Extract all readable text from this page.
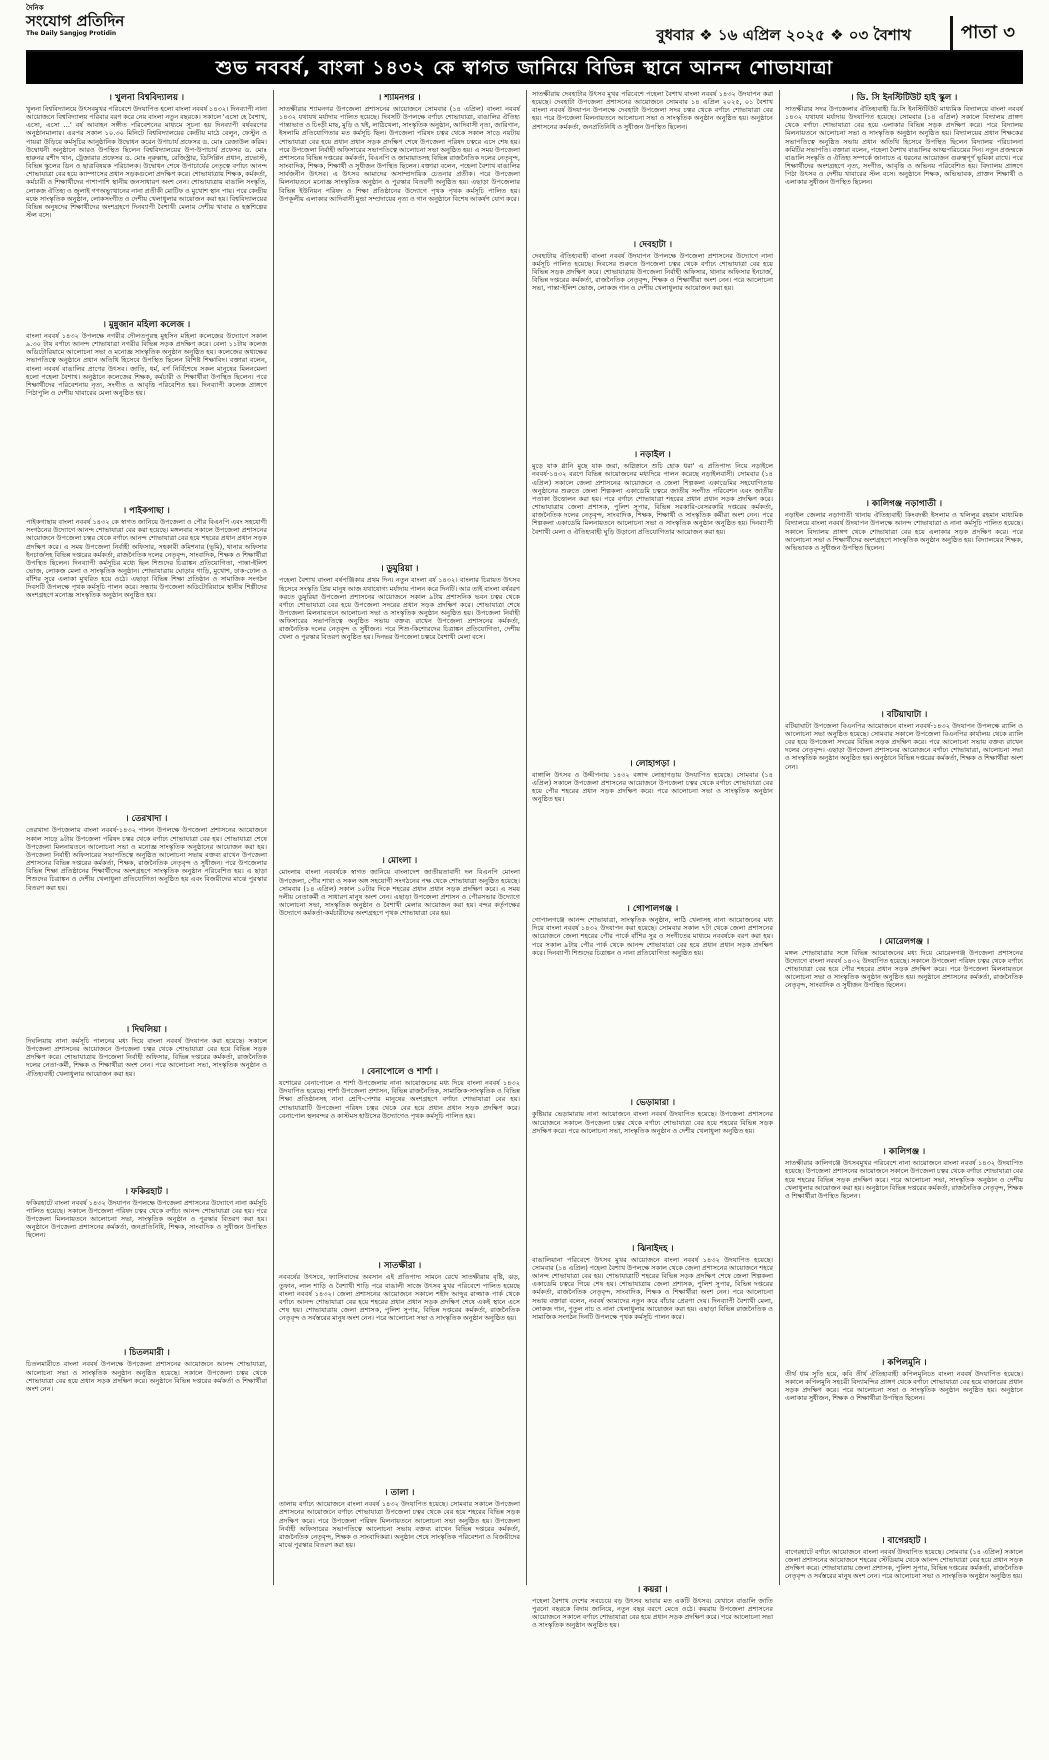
দৈনিক
সংযোগ প্রতিদিন
The Daily Sangjog Protidin	বুধবার ❖ ১৬ এপ্রিল ২০২৫ ❖ ০৩ বৈশাখ	পাতা ৩
শুভ নববর্ষ, বাংলা ১৪৩২ কে স্বাগত জানিয়ে বিভিন্ন স্থানে আনন্দ শোভাযাত্রা
। খুলনা বিশ্ববিদ্যালয় ।

খুলনা বিশ্ববিদ্যালয়ে উৎসবমুখর পরিবেশে উদযাপিত হলো বাংলা নববর্ষ ১৪৩২। দিনব্যাপী নানা আয়োজনে বিশ্ববিদ্যালয় পরিবার বরণ করে নেয় বাংলা নতুন বছরকে। সকালে 'এসো হে বৈশাখ, এসো, এসো ...' বর্ষ আবাহন সঙ্গীত পরিবেশনের মাধ্যমে সূচনা হয় দিনব্যাপী বর্ষবরণের অনুষ্ঠানমালার। এরপর সকাল ১০.৩০ মিনিটে বিশ্ববিদ্যালয়ের কেন্দ্রীয় মাঠে বেলুন, ফেস্টুন ও পায়রা উড়িয়ে কর্মসূচির আনুষ্ঠানিক উদ্বোধন করেন উপাচার্য প্রফেসর ড. মোঃ রেজাউল করিম। উদ্বোধনী অনুষ্ঠানে আরও উপস্থিত ছিলেন বিশ্ববিদ্যালয়ের উপ-উপাচার্য প্রফেসর ড. মোঃ হারুনর রশীদ খান, ট্রেজারার প্রফেসর ড. মোঃ নূরুল্লাহ, রেজিস্ট্রার, ডিসিপ্লিন প্রধান, প্রভোস্ট, বিভিন্ন স্কুলের ডিন ও ছাত্রবিষয়ক পরিচালক। উদ্বোধন শেষে উপাচার্যের নেতৃত্বে বর্ণাঢ্য আনন্দ শোভাযাত্রা বের হয়ে ক্যাম্পাসের প্রধান সড়কগুলো প্রদক্ষিণ করে। শোভাযাত্রায় শিক্ষক, কর্মকর্তা, কর্মচারী ও শিক্ষার্থীদের পাশাপাশি স্থানীয় জনসাধারণ অংশ নেন। শোভাযাত্রায় বাঙালি সংস্কৃতি, লোকজ ঐতিহ্য ও জুলাই গণঅভ্যুত্থানের নানা প্রতীকী মোটিফ ও মুখোশ স্থান পায়। পরে কেন্দ্রীয় মঞ্চে সাংস্কৃতিক অনুষ্ঠান, লোকসংগীত ও দেশীয় খেলাধুলার আয়োজন করা হয়। বিশ্ববিদ্যালয়ের বিভিন্ন অনুষদের শিক্ষার্থীদের অংশগ্রহণে দিনব্যাপী বৈশাখী মেলায় দেশীয় খাবার ও হস্তশিল্পের স্টল বসে।

। মুন্নুজান মহিলা কলেজ ।

বাংলা নববর্ষ ১৪৩২ উপলক্ষে নগরীর দৌলতপুরস্থ মুহসিন মহিলা কলেজের উদ্যোগে সকাল ৯.৩০ টায় বর্ণাঢ্য আনন্দ শোভাযাত্রা নগরীর বিভিন্ন সড়ক প্রদক্ষিণ করে। বেলা ১১টায় কলেজ অডিটোরিয়ামে আলোচনা সভা ও মনোজ্ঞ সাংস্কৃতিক অনুষ্ঠান অনুষ্ঠিত হয়। কলেজের অধ্যক্ষের সভাপতিত্বে অনুষ্ঠানে প্রধান অতিথি হিসেবে উপস্থিত ছিলেন বিশিষ্ট শিক্ষাবিদ। বক্তারা বলেন, বাংলা নববর্ষ বাঙালির প্রাণের উৎসব। জাতি, ধর্ম, বর্ণ নির্বিশেষে সকল মানুষের মিলনমেলা হলো পহেলা বৈশাখ। অনুষ্ঠানে কলেজের শিক্ষক, কর্মচারী ও শিক্ষার্থীরা উপস্থিত ছিলেন। পরে শিক্ষার্থীদের পরিবেশনায় নৃত্য, সংগীত ও আবৃত্তি পরিবেশিত হয়। দিনব্যাপী কলেজ প্রাঙ্গণে পিঠাপুলি ও দেশীয় খাবারের মেলা অনুষ্ঠিত হয়।

। পাইকগাছা ।

পাইকগাছায় বাংলা নববর্ষ ১৪৩২ কে স্বাগত জানিয়ে উপজেলা ও পৌর বিএনপি এবং সহযোগী সংগঠনের উদ্যোগে আনন্দ শোভাযাত্রা বের করা হয়েছে। মঙ্গলবার সকালে উপজেলা প্রশাসনের আয়োজনে উপজেলা চত্বর থেকে বর্ণাঢ্য আনন্দ শোভাযাত্রা বের হয়ে শহরের প্রধান প্রধান সড়ক প্রদক্ষিণ করে। এ সময় উপজেলা নির্বাহী অফিসার, সহকারী কমিশনার (ভূমি), থানার অফিসার ইনচার্জসহ বিভিন্ন দপ্তরের কর্মকর্তা, রাজনৈতিক দলের নেতৃবৃন্দ, সাংবাদিক, শিক্ষক ও শিক্ষার্থীরা উপস্থিত ছিলেন। দিনব্যাপী কর্মসূচির মধ্যে ছিল শিশুদের চিত্রাঙ্কন প্রতিযোগিতা, পান্তা-ইলিশ ভোজ, লোকজ মেলা ও সাংস্কৃতিক অনুষ্ঠান। শোভাযাত্রায় ঘোড়ার গাড়ি, মুখোশ, ঢাক-ঢোল ও বাঁশির সুরে এলাকা মুখরিত হয়ে ওঠে। এছাড়া বিভিন্ন শিক্ষা প্রতিষ্ঠান ও সামাজিক সংগঠন দিবসটি উপলক্ষে পৃথক কর্মসূচি পালন করে। সন্ধ্যায় উপজেলা অডিটোরিয়ামে স্থানীয় শিল্পীদের অংশগ্রহণে মনোজ্ঞ সাংস্কৃতিক অনুষ্ঠান অনুষ্ঠিত হয়।

। তেরখাদা ।

তেরখাদা উপজেলায় বাংলা নববর্ষ-১৪৩২ পালন উপলক্ষে উপজেলা প্রশাসনের আয়োজনে সকাল সাড়ে ৯টায় উপজেলা পরিষদ চত্বর থেকে বর্ণাঢ্য শোভাযাত্রা বের হয়। শোভাযাত্রা শেষে উপজেলা মিলনায়তনে আলোচনা সভা ও মনোজ্ঞ সাংস্কৃতিক অনুষ্ঠানের আয়োজন করা হয়। উপজেলা নির্বাহী অফিসারের সভাপতিত্বে অনুষ্ঠিত আলোচনা সভায় বক্তব্য রাখেন উপজেলা প্রশাসনের বিভিন্ন দপ্তরের কর্মকর্তা, শিক্ষক, রাজনৈতিক নেতৃবৃন্দ ও সুধীজন। পরে উপজেলার বিভিন্ন শিক্ষা প্রতিষ্ঠানের শিক্ষার্থীদের অংশগ্রহণে সাংস্কৃতিক অনুষ্ঠান পরিবেশিত হয়। এ ছাড়া শিশুদের চিত্রাঙ্কন ও দেশীয় খেলাধুলা প্রতিযোগিতা অনুষ্ঠিত হয় এবং বিজয়ীদের মাঝে পুরস্কার বিতরণ করা হয়।

। দিঘলিয়া ।

দিঘলিয়ায় নানা কর্মসূচি পালনের মধ্য দিয়ে বাংলা নববর্ষ উদযাপন করা হয়েছে। সকালে উপজেলা প্রশাসনের আয়োজনে উপজেলা চত্বর থেকে শোভাযাত্রা বের হয়ে বিভিন্ন সড়ক প্রদক্ষিণ করে। শোভাযাত্রায় উপজেলা নির্বাহী অফিসার, বিভিন্ন দপ্তরের কর্মকর্তা, রাজনৈতিক দলের নেতা-কর্মী, শিক্ষক ও শিক্ষার্থীরা অংশ নেন। পরে আলোচনা সভা, সাংস্কৃতিক অনুষ্ঠান ও ঐতিহ্যবাহী খেলাধুলার আয়োজন করা হয়।

। ফকিরহাট ।

ফকিরহাটে বাংলা নববর্ষ ১৪৩২ উদযাপন উপলক্ষে উপজেলা প্রশাসনের উদ্যোগে নানা কর্মসূচি পালিত হয়েছে। সকালে উপজেলা পরিষদ চত্বর থেকে বর্ণাঢ্য আনন্দ শোভাযাত্রা বের হয়। পরে উপজেলা মিলনায়তনে আলোচনা সভা, সাংস্কৃতিক অনুষ্ঠান ও পুরস্কার বিতরণ করা হয়। অনুষ্ঠানে উপজেলা প্রশাসনের কর্মকর্তা, জনপ্রতিনিধি, শিক্ষক, সাংবাদিক ও সুধীজন উপস্থিত ছিলেন।

। চিতলমারী ।

চিতলমারীতে বাংলা নববর্ষ উপলক্ষে উপজেলা প্রশাসনের আয়োজনে আনন্দ শোভাযাত্রা, আলোচনা সভা ও সাংস্কৃতিক অনুষ্ঠান অনুষ্ঠিত হয়েছে। সকালে উপজেলা চত্বর থেকে শোভাযাত্রা বের হয়ে প্রধান সড়ক প্রদক্ষিণ করে। অনুষ্ঠানে বিভিন্ন দপ্তরের কর্মকর্তা ও শিক্ষার্থীরা অংশ নেন।

। শ্যামনগর ।

সাতক্ষীরার শ্যামনগর উপজেলা প্রশাসনের আয়োজনে সোমবার (১৪ এপ্রিল) বাংলা নববর্ষ ১৪৩২ যথাযথ মর্যাদায় পালিত হয়েছে। দিবসটি উপলক্ষে বর্ণাঢ্য শোভাযাত্রা, বাঙালির ঐতিহ্য পান্তাভাত ও চিংড়ী মাছ, মুড়ি ও খই, লাঠিখেলা, সাংস্কৃতিক অনুষ্ঠান, আদিবাসী নৃত্য, জারিগান, ইসলামি প্রতিযোগিতার মত কর্মসূচি ছিল। উপজেলা পরিষদ চত্বর থেকে সকাল সাড়ে নয়টায় শোভাযাত্রা বের হয়ে প্রধান প্রধান সড়ক প্রদক্ষিণ শেষে উপজেলা পরিষদ চত্বরে এসে শেষ হয়। পরে উপজেলা নির্বাহী অফিসারের সভাপতিত্বে আলোচনা সভা অনুষ্ঠিত হয়। এ সময় উপজেলা প্রশাসনের বিভিন্ন দপ্তরের কর্মকর্তা, বিএনপি ও জামায়াতসহ বিভিন্ন রাজনৈতিক দলের নেতৃবৃন্দ, সাংবাদিক, শিক্ষক, শিক্ষার্থী ও সুধীজন উপস্থিত ছিলেন। বক্তারা বলেন, পহেলা বৈশাখ বাঙালির সার্বজনীন উৎসব। এ উৎসব আমাদের অসাম্প্রদায়িক চেতনার প্রতীক। পরে উপজেলা মিলনায়তনে মনোজ্ঞ সাংস্কৃতিক অনুষ্ঠান ও পুরস্কার বিতরণী অনুষ্ঠিত হয়। এছাড়া উপজেলার বিভিন্ন ইউনিয়ন পরিষদ ও শিক্ষা প্রতিষ্ঠানের উদ্যোগে পৃথক পৃথক কর্মসূচি পালিত হয়। উপকূলীয় এলাকার আদিবাসী মুন্ডা সম্প্রদায়ের নৃত্য ও গান অনুষ্ঠানে বিশেষ আকর্ষণ যোগ করে।

। ডুমুরিয়া ।

পহেলা বৈশাখ বাংলা বর্ষপঞ্জিকার প্রথম দিন। নতুন বাংলা বর্ষ ১৪৩২। বাংলার চিরায়ত উৎসব হিসেবে সংস্কৃতি প্রিয় মানুষ আজ যথাযোগ্য মর্যাদায় পালন করে দিনটি। আর তাই বাংলা বর্ষবরণ করতে ডুমুরিয়া উপজেলা প্রশাসনের আয়োজনে সকাল ৯টায় প্রশাসনিক ভবন চত্বর থেকে বর্ণাঢ্য শোভাযাত্রা বের হয়ে উপজেলা সদরের প্রধান সড়ক প্রদক্ষিণ করে। শোভাযাত্রা শেষে উপজেলা মিলনায়তনে আলোচনা সভা ও সাংস্কৃতিক অনুষ্ঠান অনুষ্ঠিত হয়। উপজেলা নির্বাহী অফিসারের সভাপতিত্বে অনুষ্ঠিত সভায় বক্তব্য রাখেন উপজেলা প্রশাসনের কর্মকর্তা, রাজনৈতিক দলের নেতৃবৃন্দ ও সুধীজন। পরে শিশু-কিশোরদের চিত্রাঙ্কন প্রতিযোগিতা, দেশীয় খেলা ও পুরস্কার বিতরণ অনুষ্ঠিত হয়। দিনভর উপজেলা চত্বরে বৈশাখী মেলা বসে।

। মোংলা ।

মোংলায় বাংলা নববর্ষকে স্বাগত জানিয়ে বাংলাদেশ জাতীয়তাবাদী দল বিএনপি মোংলা উপজেলা, পৌর শাখা ও সকল অঙ্গ সহযোগী সংগঠনের পক্ষ থেকে শোভাযাত্রা অনুষ্ঠিত হয়েছে। সোমবার (১৪ এপ্রিল) সকাল ১০টার দিকে শহরের প্রধান প্রধান সড়ক প্রদক্ষিণ করে। এ সময় দলীয় নেতাকর্মী ও সাধারণ মানুষ অংশ নেন। এছাড়া উপজেলা প্রশাসন ও পৌরসভার উদ্যোগে আলোচনা সভা, সাংস্কৃতিক অনুষ্ঠান ও বৈশাখী মেলার আয়োজন করা হয়। বন্দর কর্তৃপক্ষের উদ্যোগে কর্মকর্তা-কর্মচারীদের অংশগ্রহণে পৃথক শোভাযাত্রা বের হয়।

। বেনাপোলে ও শার্শা ।

যশোরের বেনাপোলে ও শার্শা উপজেলায় নানা আয়োজনের মধ্য দিয়ে বাংলা নববর্ষ ১৪৩২ উদযাপিত হয়েছে। শার্শা উপজেলা প্রশাসন, বিভিন্ন রাজনৈতিক, সামাজিক-সাংস্কৃতিক ও বিভিন্ন শিক্ষা প্রতিষ্ঠানসহ নানা শ্রেণি-পেশার মানুষের অংশগ্রহণে বর্ণাঢ্য শোভাযাত্রা বের হয়। শোভাযাত্রাটি উপজেলা পরিষদ চত্বর থেকে বের হয়ে প্রধান প্রধান সড়ক প্রদক্ষিণ করে। বেনাপোল স্থলবন্দর ও কাস্টমস হাউসের উদ্যোগেও পৃথক কর্মসূচি পালিত হয়।

। সাতক্ষীরা ।

নববর্ষের উৎসবে, ফ্যাসিবাদের অবসান এই প্রতিপাদ্য সামনে রেখে সাতক্ষীরায় বৃষ্টি, ঝড়, তুফান, লাল শাড়ি ও বৈশাখী শাড়ি পরে বাঙালী সাজে উৎসব মুখর পরিবেশে পালিত হয়েছে বাংলা নববর্ষ ১৪৩২। জেলা প্রশাসনের আয়োজনে সকালে শহীদ আব্দুর রাজ্জাক পার্ক থেকে বর্ণাঢ্য আনন্দ শোভাযাত্রা বের হয়ে শহরের প্রধান প্রধান সড়ক প্রদক্ষিণ শেষে একই স্থানে এসে শেষ হয়। শোভাযাত্রায় জেলা প্রশাসক, পুলিশ সুপার, বিভিন্ন দপ্তরের কর্মকর্তা, রাজনৈতিক নেতৃবৃন্দ ও সর্বস্তরের মানুষ অংশ নেন। পরে আলোচনা সভা ও সাংস্কৃতিক অনুষ্ঠান অনুষ্ঠিত হয়।

। তালা ।

তালায় বর্ণাঢ্য আয়োজনে বাংলা নববর্ষ ১৪৩২ উদযাপিত হয়েছে। সোমবার সকালে উপজেলা প্রশাসনের আয়োজনে বর্ণাঢ্য শোভাযাত্রা উপজেলা চত্বর থেকে বের হয়ে শহরের বিভিন্ন সড়ক প্রদক্ষিণ করে। পরে উপজেলা পরিষদ মিলনায়তনে আলোচনা সভা অনুষ্ঠিত হয়। উপজেলা নির্বাহী অফিসারের সভাপতিত্বে আলোচনা সভায় বক্তব্য রাখেন বিভিন্ন দপ্তরের কর্মকর্তা, রাজনৈতিক নেতৃবৃন্দ, শিক্ষক ও সাংবাদিকরা। অনুষ্ঠান শেষে সাংস্কৃতিক পরিবেশনা ও বিজয়ীদের মাঝে পুরস্কার বিতরণ করা হয়।

সাতক্ষীরায় দেবহাটার উৎসব মুখর পরিবেশে পহেলা বৈশাখ বাংলা নববর্ষ ১৪৩২ উদযাপন করা হয়েছে। দেবহাটা উপজেলা প্রশাসনের আয়োজনে সোমবার ১৪ এপ্রিল ২০২৫, ০১ বৈশাখ বাংলা নববর্ষ উদযাপন উপলক্ষে দেবহাটা উপজেলা সদর চত্বর থেকে বর্ণাঢ্য শোভাযাত্রা বের হয়। পরে উপজেলা মিলনায়তনে আলোচনা সভা ও সাংস্কৃতিক অনুষ্ঠান অনুষ্ঠিত হয়। অনুষ্ঠানে প্রশাসনের কর্মকর্তা, জনপ্রতিনিধি ও সুধীজন উপস্থিত ছিলেন।

। দেবহাটা ।

দেবহাটায় ঐতিহ্যবাহী বাংলা নববর্ষ উদযাপন উপলক্ষে উপজেলা প্রশাসনের উদ্যোগে নানা কর্মসূচি পালিত হয়েছে। দিবসের শুরুতে উপজেলা চত্বর থেকে বর্ণাঢ্য শোভাযাত্রা বের হয়ে বিভিন্ন সড়ক প্রদক্ষিণ করে। শোভাযাত্রায় উপজেলা নির্বাহী অফিসার, থানার অফিসার ইনচার্জ, বিভিন্ন দপ্তরের কর্মকর্তা, রাজনৈতিক নেতৃবৃন্দ, শিক্ষক ও শিক্ষার্থীরা অংশ নেন। পরে আলোচনা সভা, পান্তা-ইলিশ ভোজ, লোকজ গান ও দেশীয় খেলাধুলার আয়োজন করা হয়।

। নড়াইল ।

মুড়ে যাক গ্লানি মুছে যাক জরা, অগ্নিস্নানে শুচি হোক ধরা' এ প্রতিপাদ্য নিয়ে নড়াইলে নববর্ষ-১৪৩২ বরণে বিভিন্ন আয়োজনের মধ্যদিয়ে পালন করেছে নড়াইলবাসী। সোমবার (১৪ এপ্রিল) সকালে জেলা প্রশাসনের আয়োজনে ও জেলা শিল্পকলা একাডেমির সহযোগিতায় অনুষ্ঠানের শুরুতে জেলা শিল্পকলা একাডেমি চত্বরে জাতীয় সংগীত পরিবেশন এবং জাতীয় পতাকা উত্তোলন করা হয়। পরে বর্ণাঢ্য শোভাযাত্রা শহরের প্রধান প্রধান সড়ক প্রদক্ষিণ করে। শোভাযাত্রায় জেলা প্রশাসক, পুলিশ সুপার, বিভিন্ন সরকারি-বেসরকারি দপ্তরের কর্মকর্তা, রাজনৈতিক দলের নেতৃবৃন্দ, সাংবাদিক, শিক্ষক, শিক্ষার্থী ও সাংস্কৃতিক কর্মীরা অংশ নেন। পরে শিল্পকলা একাডেমি মিলনায়তনে আলোচনা সভা ও সাংস্কৃতিক অনুষ্ঠান অনুষ্ঠিত হয়। দিনব্যাপী বৈশাখী মেলা ও ঐতিহ্যবাহী ঘুড়ি উড়ানো প্রতিযোগিতার আয়োজন করা হয়।

। লোহাগড়া ।

বাঙ্গালি উৎসব ও উদ্দীপনায় ১৪৩২ বঙ্গাব্দ লোহাগড়ায় উদযাপিত হয়েছে। সোমবার (১৪ এপ্রিল) সকালে উপজেলা প্রশাসনের আয়োজনে উপজেলা চত্বর থেকে বর্ণাঢ্য শোভাযাত্রা বের হয়ে পৌর শহরের প্রধান সড়ক প্রদক্ষিণ করে। পরে আলোচনা সভা ও সাংস্কৃতিক অনুষ্ঠান অনুষ্ঠিত হয়।

। গোপালগঞ্জ ।

গোপালগঞ্জে আনন্দ শোভাযাত্রা, সাংস্কৃতিক অনুষ্ঠান, লাঠি খেলাসহ নানা আয়োজনের মধ্য দিয়ে বাংলা নববর্ষ ১৪৩২ উদযাপন করা হয়েছে। সোমবার সকাল ৭টা থেকে জেলা প্রশাসনের আয়োজনে জেলা শহরের পৌর পার্কে বাঁশির সুর ও সংগীতের মাধ্যমে নববর্ষকে বরণ করা হয়। পরে সকাল ৯টায় পৌর পার্ক থেকে আনন্দ শোভাযাত্রা বের হয়ে প্রধান প্রধান সড়ক প্রদক্ষিণ করে। দিনব্যাপী শিশুদের চিত্রাঙ্কন ও নানা প্রতিযোগিতা অনুষ্ঠিত হয়।

। ভেড়ামারা ।

কুষ্টিয়ার ভেড়ামারায় নানা আয়োজনে বাংলা নববর্ষ উদযাপিত হয়েছে। উপজেলা প্রশাসনের আয়োজনে সকালে উপজেলা চত্বর থেকে বর্ণাঢ্য শোভাযাত্রা বের হয়ে শহরের বিভিন্ন সড়ক প্রদক্ষিণ করে। পরে আলোচনা সভা, সাংস্কৃতিক অনুষ্ঠান ও দেশীয় খেলাধুলা অনুষ্ঠিত হয়।

। ঝিনাইদহ ।

বাঙালিয়ানা পরিবেশে উৎসব মুখর আয়োজনে বাংলা নববর্ষ ১৪৩২ উদযাপিত হয়েছে। সোমবার (১৪ এপ্রিল) পহেলা বৈশাখ উপলক্ষে সকাল থেকে জেলা প্রশাসনের আয়োজনে শহরে আনন্দ শোভাযাত্রা বের হয়। শোভাযাত্রাটি শহরের বিভিন্ন সড়ক প্রদক্ষিণ শেষে জেলা শিল্পকলা একাডেমি চত্বরে গিয়ে শেষ হয়। শোভাযাত্রায় জেলা প্রশাসক, পুলিশ সুপার, বিভিন্ন দপ্তরের কর্মকর্তা, রাজনৈতিক নেতৃবৃন্দ, সাংবাদিক, শিক্ষক ও শিক্ষার্থীরা অংশ নেন। পরে আলোচনা সভায় বক্তারা বলেন, নববর্ষ আমাদের নতুন করে বাঁচার প্রেরণা দেয়। দিনব্যাপী বৈশাখী মেলা, লোকজ গান, পুতুল নাচ ও নানা খেলাধুলার আয়োজন করা হয়। এছাড়া বিভিন্ন রাজনৈতিক ও সামাজিক সংগঠন দিনটি উপলক্ষে পৃথক কর্মসূচি পালন করে।

। কয়রা ।

পহেলা বৈশাখ দেশের সবচেয়ে বড় উৎসব ভাবার মত একটি উৎসব। যেখানে বাঙালি জাতি পুরনো বছরকে বিদায় জানিয়ে, নতুন বছর বরণে মেতে ওঠে। কয়রায় উপজেলা প্রশাসনের আয়োজনে সকালে বর্ণাঢ্য শোভাযাত্রা বের হয়ে প্রধান সড়ক প্রদক্ষিণ করে। পরে আলোচনা সভা ও সাংস্কৃতিক অনুষ্ঠান অনুষ্ঠিত হয়।

। ডি. সি ইনস্টিটিউট হাই স্কুল ।

সাতক্ষীরার সদর উপজেলার ঐতিহ্যবাহী ডি.সি ইনস্টিটিউট মাধ্যমিক বিদ্যালয়ে বাংলা নববর্ষ ১৪৩২ যথাযথ মর্যাদায় উদযাপিত হয়েছে। সোমবার (১৪ এপ্রিল) সকালে বিদ্যালয় প্রাঙ্গণ থেকে বর্ণাঢ্য শোভাযাত্রা বের হয়ে এলাকার বিভিন্ন সড়ক প্রদক্ষিণ করে। পরে বিদ্যালয় মিলনায়তনে আলোচনা সভা ও সাংস্কৃতিক অনুষ্ঠান অনুষ্ঠিত হয়। বিদ্যালয়ের প্রধান শিক্ষকের সভাপতিত্বে অনুষ্ঠিত সভায় প্রধান অতিথি হিসেবে উপস্থিত ছিলেন বিদ্যালয় পরিচালনা কমিটির সভাপতি। বক্তারা বলেন, পহেলা বৈশাখ বাঙালির আত্মপরিচয়ের দিন। নতুন প্রজন্মকে বাঙালি সংস্কৃতি ও ঐতিহ্য সম্পর্কে জানাতে এ ধরনের আয়োজন গুরুত্বপূর্ণ ভূমিকা রাখে। পরে শিক্ষার্থীদের অংশগ্রহণে নৃত্য, সংগীত, আবৃত্তি ও অভিনয় পরিবেশিত হয়। বিদ্যালয় প্রাঙ্গণে পিঠা উৎসব ও দেশীয় খাবারের স্টল বসে। অনুষ্ঠানে শিক্ষক, অভিভাবক, প্রাক্তন শিক্ষার্থী ও এলাকার সুধীজন উপস্থিত ছিলেন।

। কালিগঞ্জ নড়াগাতী ।

নড়াইল জেলার নড়াগাতী থানায় ঐতিহ্যবাহী কিংবদন্তী ইসলাম ও খলিলুর রহমান মাধ্যমিক বিদ্যালয়ে বাংলা নববর্ষ উদযাপন উপলক্ষে আনন্দ শোভাযাত্রা ও নানা কর্মসূচি পালিত হয়েছে। সকালে বিদ্যালয় প্রাঙ্গণ থেকে শোভাযাত্রা বের হয়ে এলাকার সড়ক প্রদক্ষিণ করে। পরে আলোচনা সভা ও শিক্ষার্থীদের অংশগ্রহণে সাংস্কৃতিক অনুষ্ঠান অনুষ্ঠিত হয়। বিদ্যালয়ের শিক্ষক, অভিভাবক ও সুধীজন উপস্থিত ছিলেন।

। বটিয়াঘাটা ।

বটিয়াঘাটা উপজেলা বিএনপির আয়োজনে বাংলা নববর্ষ-১৪৩২ উদযাপন উপলক্ষে র‍্যালি ও আলোচনা সভা অনুষ্ঠিত হয়েছে। সোমবার সকালে উপজেলা বিএনপির কার্যালয় থেকে র‍্যালি বের হয়ে উপজেলা সদরের বিভিন্ন সড়ক প্রদক্ষিণ করে। পরে আলোচনা সভায় বক্তব্য রাখেন দলের নেতৃবৃন্দ। এছাড়া উপজেলা প্রশাসনের আয়োজনে বর্ণাঢ্য শোভাযাত্রা, আলোচনা সভা ও সাংস্কৃতিক অনুষ্ঠান অনুষ্ঠিত হয়। অনুষ্ঠানে বিভিন্ন দপ্তরের কর্মকর্তা, শিক্ষক ও শিক্ষার্থীরা অংশ নেন।

। মোরেলগঞ্জ ।

মঙ্গল শোভাযাত্রার সঙ্গে বিভিন্ন আয়োজনের মধ্য দিয়ে মোরেলগঞ্জ উপজেলা প্রশাসনের উদ্যোগে বাংলা নববর্ষ ১৪৩২ উদযাপিত হয়েছে। সকালে উপজেলা পরিষদ চত্বর থেকে বর্ণাঢ্য শোভাযাত্রা বের হয়ে পৌর শহরের প্রধান সড়ক প্রদক্ষিণ করে। পরে উপজেলা মিলনায়তনে আলোচনা সভা ও সাংস্কৃতিক অনুষ্ঠান অনুষ্ঠিত হয়। অনুষ্ঠানে প্রশাসনের কর্মকর্তা, রাজনৈতিক নেতৃবৃন্দ, সাংবাদিক ও সুধীজন উপস্থিত ছিলেন।

। কালিগঞ্জ ।

সাতক্ষীরার কালিগঞ্জে উৎসবমুখর পরিবেশে নানা আয়োজনে বাংলা নববর্ষ ১৪৩২ উদযাপিত হয়েছে। উপজেলা প্রশাসনের আয়োজনে সকালে উপজেলা চত্বর থেকে বর্ণাঢ্য শোভাযাত্রা বের হয়ে শহরের বিভিন্ন সড়ক প্রদক্ষিণ করে। পরে আলোচনা সভা, সাংস্কৃতিক অনুষ্ঠান ও দেশীয় খেলাধুলার আয়োজন করা হয়। অনুষ্ঠানে বিভিন্ন দপ্তরের কর্মকর্তা, রাজনৈতিক নেতৃবৃন্দ, শিক্ষক ও শিক্ষার্থীরা উপস্থিত ছিলেন।

। কপিলমুনি ।

তীর্থ ধাম সুতি হয়ে, কবি তীর্থ ঐতিহ্যবাহী কপিলমুনিতে বাংলা নববর্ষ উদযাপিত হয়েছে। সকালে কপিলমুনি সহচরী বিদ্যামন্দির প্রাঙ্গণ থেকে বর্ণাঢ্য শোভাযাত্রা বের হয়ে বাজারের প্রধান সড়ক প্রদক্ষিণ করে। পরে আলোচনা সভা ও সাংস্কৃতিক অনুষ্ঠান অনুষ্ঠিত হয়। অনুষ্ঠানে এলাকার সুধীজন, শিক্ষক ও শিক্ষার্থীরা উপস্থিত ছিলেন।

। বাগেরহাট ।

বাগেরহাটে বর্ণাঢ্য আয়োজনে বাংলা নববর্ষ উদযাপিত হয়েছে। সোমবার (১৪ এপ্রিল) সকালে জেলা প্রশাসনের আয়োজনে শহরের স্টেডিয়াম থেকে আনন্দ শোভাযাত্রা বের হয়ে প্রধান সড়ক প্রদক্ষিণ করে। শোভাযাত্রায় জেলা প্রশাসক, পুলিশ সুপার, বিভিন্ন দপ্তরের কর্মকর্তা, রাজনৈতিক নেতৃবৃন্দ ও সর্বস্তরের মানুষ অংশ নেন। পরে আলোচনা সভা ও সাংস্কৃতিক অনুষ্ঠান অনুষ্ঠিত হয়।
